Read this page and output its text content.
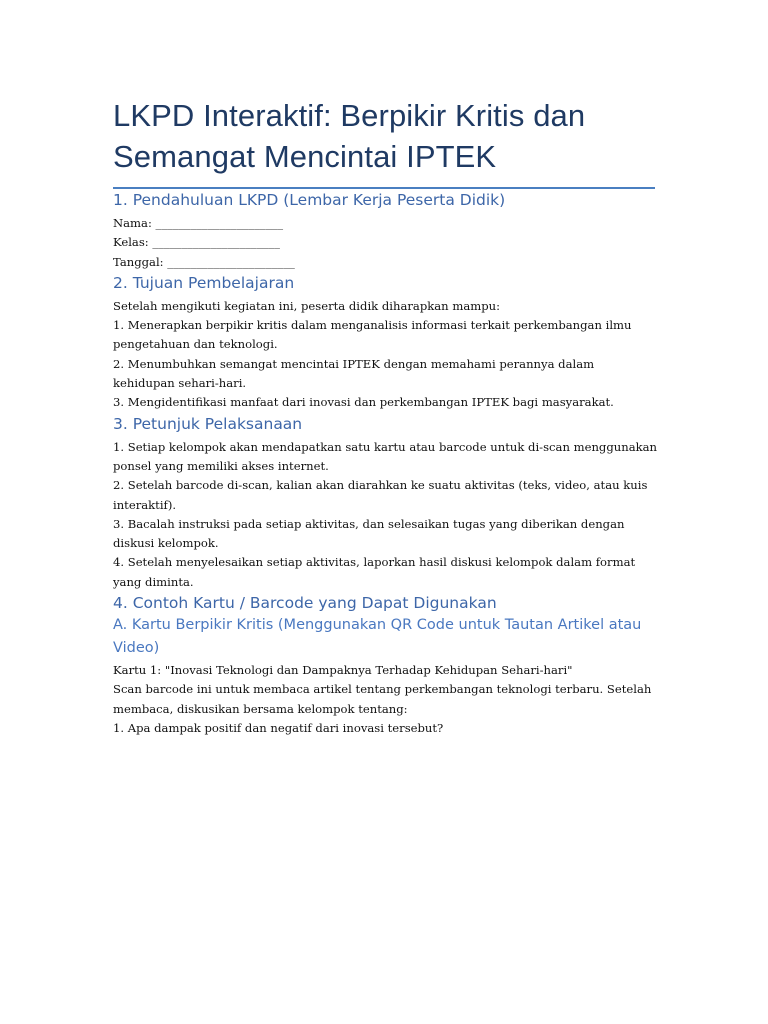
LKPD Interaktif: Berpikir Kritis dan
Semangat Mencintai IPTEK
1. Pendahuluan LKPD (Lembar Kerja Peserta Didik)

Nama: ______________________

Kelas: ______________________

Tanggal: ______________________

2. Tujuan Pembelajaran

Setelah mengikuti kegiatan ini, peserta didik diharapkan mampu:

1. Menerapkan berpikir kritis dalam menganalisis informasi terkait perkembangan ilmu

pengetahuan dan teknologi.

2. Menumbuhkan semangat mencintai IPTEK dengan memahami perannya dalam

kehidupan sehari-hari.

3. Mengidentifikasi manfaat dari inovasi dan perkembangan IPTEK bagi masyarakat.

3. Petunjuk Pelaksanaan

1. Setiap kelompok akan mendapatkan satu kartu atau barcode untuk di-scan menggunakan

ponsel yang memiliki akses internet.

2. Setelah barcode di-scan, kalian akan diarahkan ke suatu aktivitas (teks, video, atau kuis

interaktif).

3. Bacalah instruksi pada setiap aktivitas, dan selesaikan tugas yang diberikan dengan

diskusi kelompok.

4. Setelah menyelesaikan setiap aktivitas, laporkan hasil diskusi kelompok dalam format

yang diminta.

4. Contoh Kartu / Barcode yang Dapat Digunakan
A. Kartu Berpikir Kritis (Menggunakan QR Code untuk Tautan Artikel atau
Video)

Kartu 1: "Inovasi Teknologi dan Dampaknya Terhadap Kehidupan Sehari-hari"

Scan barcode ini untuk membaca artikel tentang perkembangan teknologi terbaru. Setelah

membaca, diskusikan bersama kelompok tentang:

1. Apa dampak positif dan negatif dari inovasi tersebut?
